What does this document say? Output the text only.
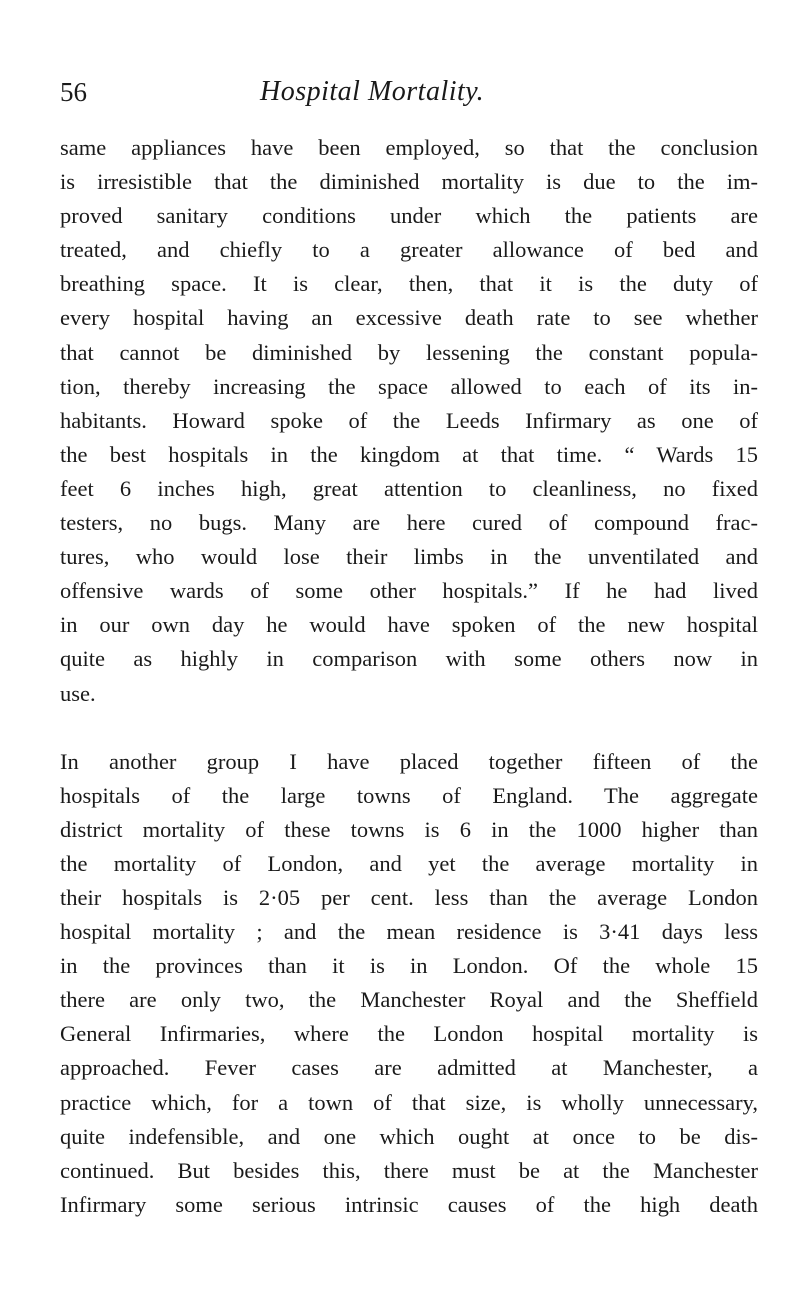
56	Hospital Mortality.
same appliances have been employed, so that the conclusion
is irresistible that the diminished mortality is due to the im-
proved sanitary conditions under which the patients are
treated, and chiefly to a greater allowance of bed and
breathing space. It is clear, then, that it is the duty of
every hospital having an excessive death rate to see whether
that cannot be diminished by lessening the constant popula-
tion, thereby increasing the space allowed to each of its in-
habitants. Howard spoke of the Leeds Infirmary as one of
the best hospitals in the kingdom at that time. “ Wards 15
feet 6 inches high, great attention to cleanliness, no fixed
testers, no bugs. Many are here cured of compound frac-
tures, who would lose their limbs in the unventilated and
offensive wards of some other hospitals.” If he had lived
in our own day he would have spoken of the new hospital
quite as highly in comparison with some others now in
use.
In another group I have placed together fifteen of the
hospitals of the large towns of England. The aggregate
district mortality of these towns is 6 in the 1000 higher than
the mortality of London, and yet the average mortality in
their hospitals is 2·05 per cent. less than the average London
hospital mortality ; and the mean residence is 3·41 days less
in the provinces than it is in London. Of the whole 15
there are only two, the Manchester Royal and the Sheffield
General Infirmaries, where the London hospital mortality is
approached. Fever cases are admitted at Manchester, a
practice which, for a town of that size, is wholly unnecessary,
quite indefensible, and one which ought at once to be dis-
continued. But besides this, there must be at the Manchester
Infirmary some serious intrinsic causes of the high death
